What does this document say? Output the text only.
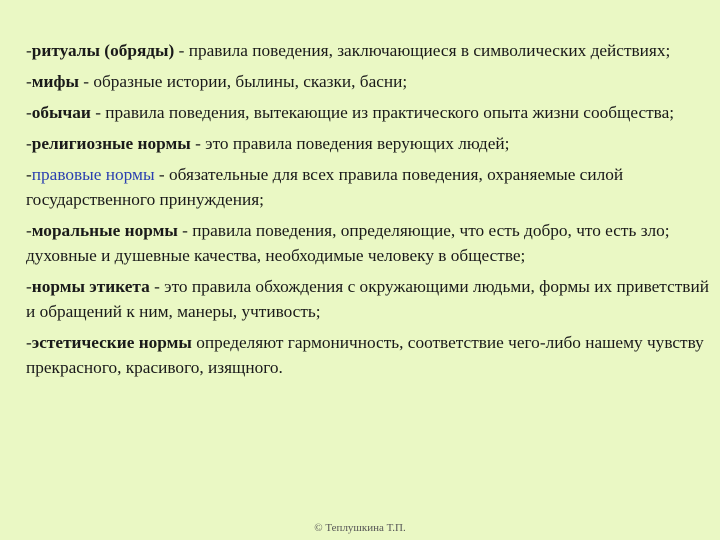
-ритуалы (обряды) - правила поведения, заключающиеся в символических действиях;

-мифы - образные истории, былины, сказки, басни;

-обычаи - правила поведения, вытекающие из практического опыта жизни сообщества;

-религиозные нормы - это правила поведения верующих людей;

-правовые нормы - обязательные для всех правила поведения, охраняемые силой государственного принуждения;

-моральные нормы - правила поведения, определяющие, что есть добро, что есть зло; духовные и душевные качества, необходимые человеку в обществе;

-нормы этикета - это правила обхождения с окружающими людьми, формы их приветствий и обращений к ним, манеры, учтивость;

-эстетические нормы определяют гармоничность, соответствие чего-либо нашему чувству прекрасного, красивого, изящного.

© Теплушкина Т.П.
